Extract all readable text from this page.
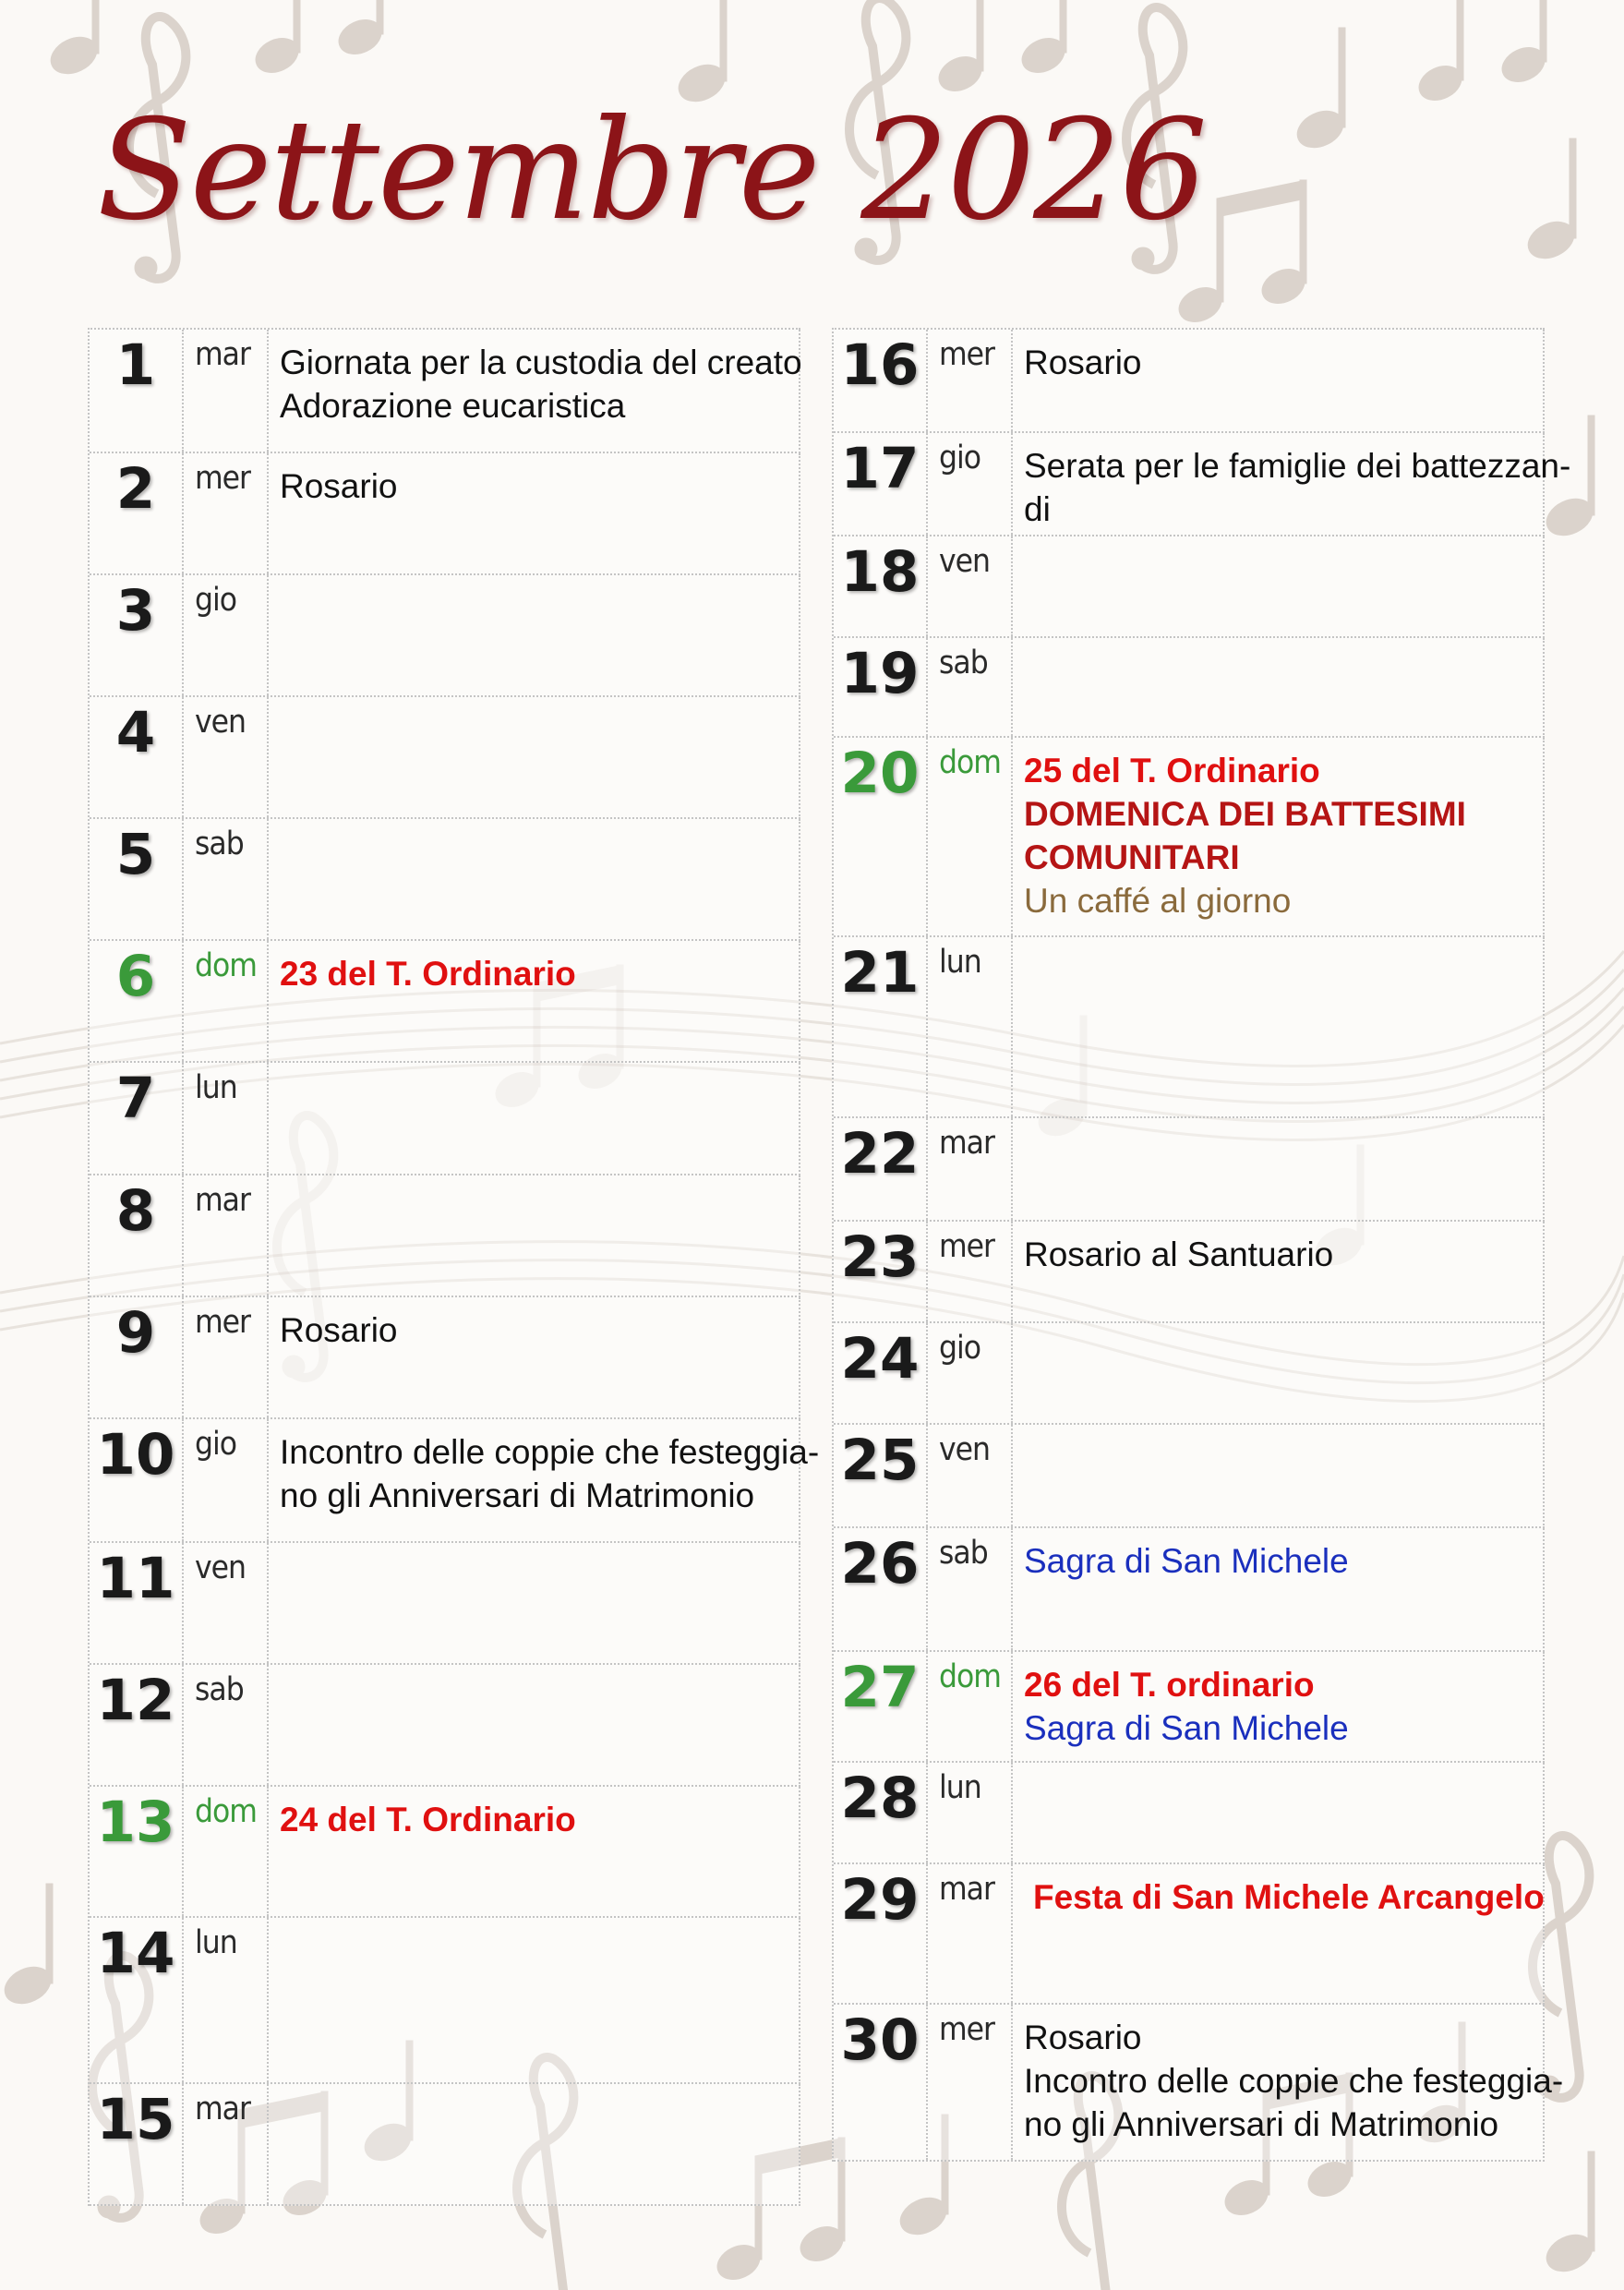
Settembre 2026
1	mar Giornata per la custodia del creato
Adorazione eucaristica
2	mer Rosario
3	gio
4	ven
5	sab
6	dom 23 del T. Ordinario
7	lun
8	mar
9	mer Rosario
10 gio	Incontro delle coppie che festeggia-
no gli Anniversari di Matrimonio
11 ven
12 sab
13 dom 24 del T. Ordinario
14 lun
15 mar
16 mer Rosario
17 gio	Serata per le famiglie dei battezzan-
di
18 ven
19 sab
20 dom 25 del T. Ordinario
DOMENICA DEI BATTESIMI
COMUNITARI
Un caffé al giorno
21 lun
22 mar
23 mer Rosario al Santuario
24 gio
25 ven
26 sab	Sagra di San Michele
27 dom 26 del T. ordinario
Sagra di San Michele
28 lun
29 mar	Festa di San Michele Arcangelo
30 mer Rosario
Incontro delle coppie che festeggia-
no gli Anniversari di Matrimonio
